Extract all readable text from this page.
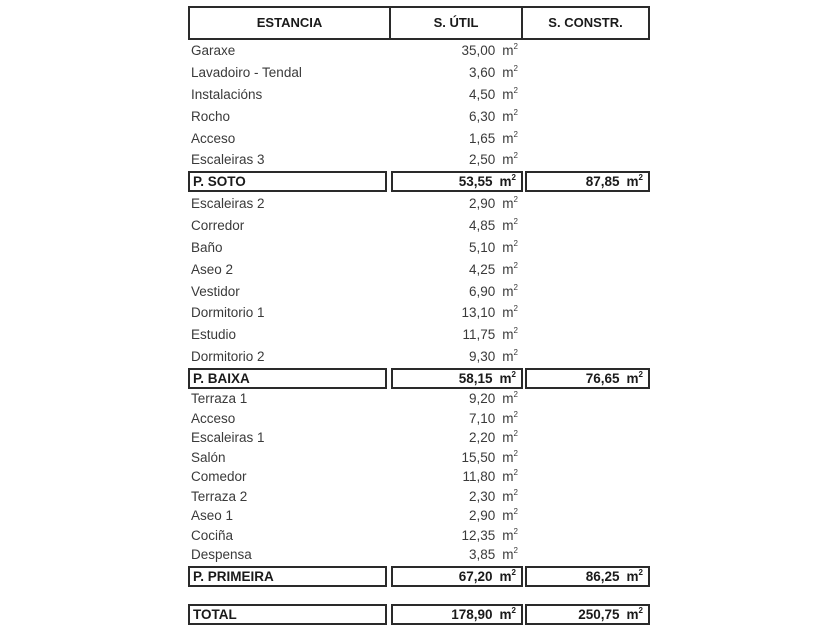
ESTANCIA	S. ÚTIL	S. CONSTR.
Garaxe	35,00 $m^2$
Lavadoiro - Tendal	3,60 $m^2$
Instalacións	4,50 $m^2$
Rocho	6,30 $m^2$
Acceso	1,65 $m^2$
Escaleiras 3	2,50 $m^2$
P. SOTO	53,55 $m^2$	87,85 $m^2$
Escaleiras 2	2,90 $m^2$
Corredor	4,85 $m^2$
Baño	5,10 $m^2$
Aseo 2	4,25 $m^2$
Vestidor	6,90 $m^2$
Dormitorio 1	13,10 $m^2$
Estudio	11,75 $m^2$
Dormitorio 2	9,30 $m^2$
P. BAIXA	58,15 $m^2$	76,65 $m^2$
Terraza 1	9,20 $m^2$
Acceso	7,10 $m^2$
Escaleiras 1	2,20 $m^2$
Salón	15,50 $m^2$
Comedor	11,80 $m^2$
Terraza 2	2,30 $m^2$
Aseo 1	2,90 $m^2$
Cociña	12,35 $m^2$
Despensa	3,85 $m^2$
P. PRIMEIRA	67,20 $m^2$	86,25 $m^2$
TOTAL	178,90 $m^2$	250,75 $m^2$
